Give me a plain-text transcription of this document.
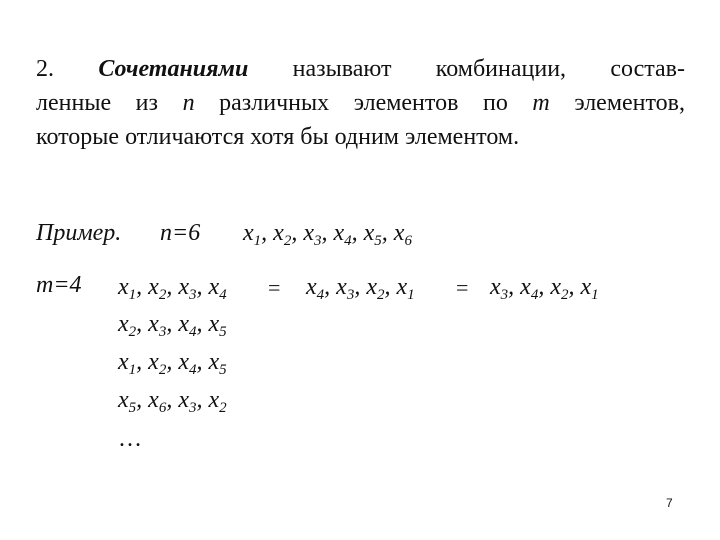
2. Сочетаниями называют комбинации, состав-
ленные из n различных элементов по m элементов,
которые отличаются хотя бы одним элементом.
Пример. n=6 $x_1$, $x_2$, $x_3$, $x_4$, $x_5$, $x_6$
m=4 $x_1$, $x_2$, $x_3$, $x_4 = x_4$, $x_3$, $x_2$, $x_1 = x_3$, $x_4$, $x_2$, $x_1$
$x_2$, $x_3$, $x_4$, $x_5$
$x_1$, $x_2$, $x_4$, $x_5$
$x_5$, $x_6$, $x_3$, $x_2$
…
7
